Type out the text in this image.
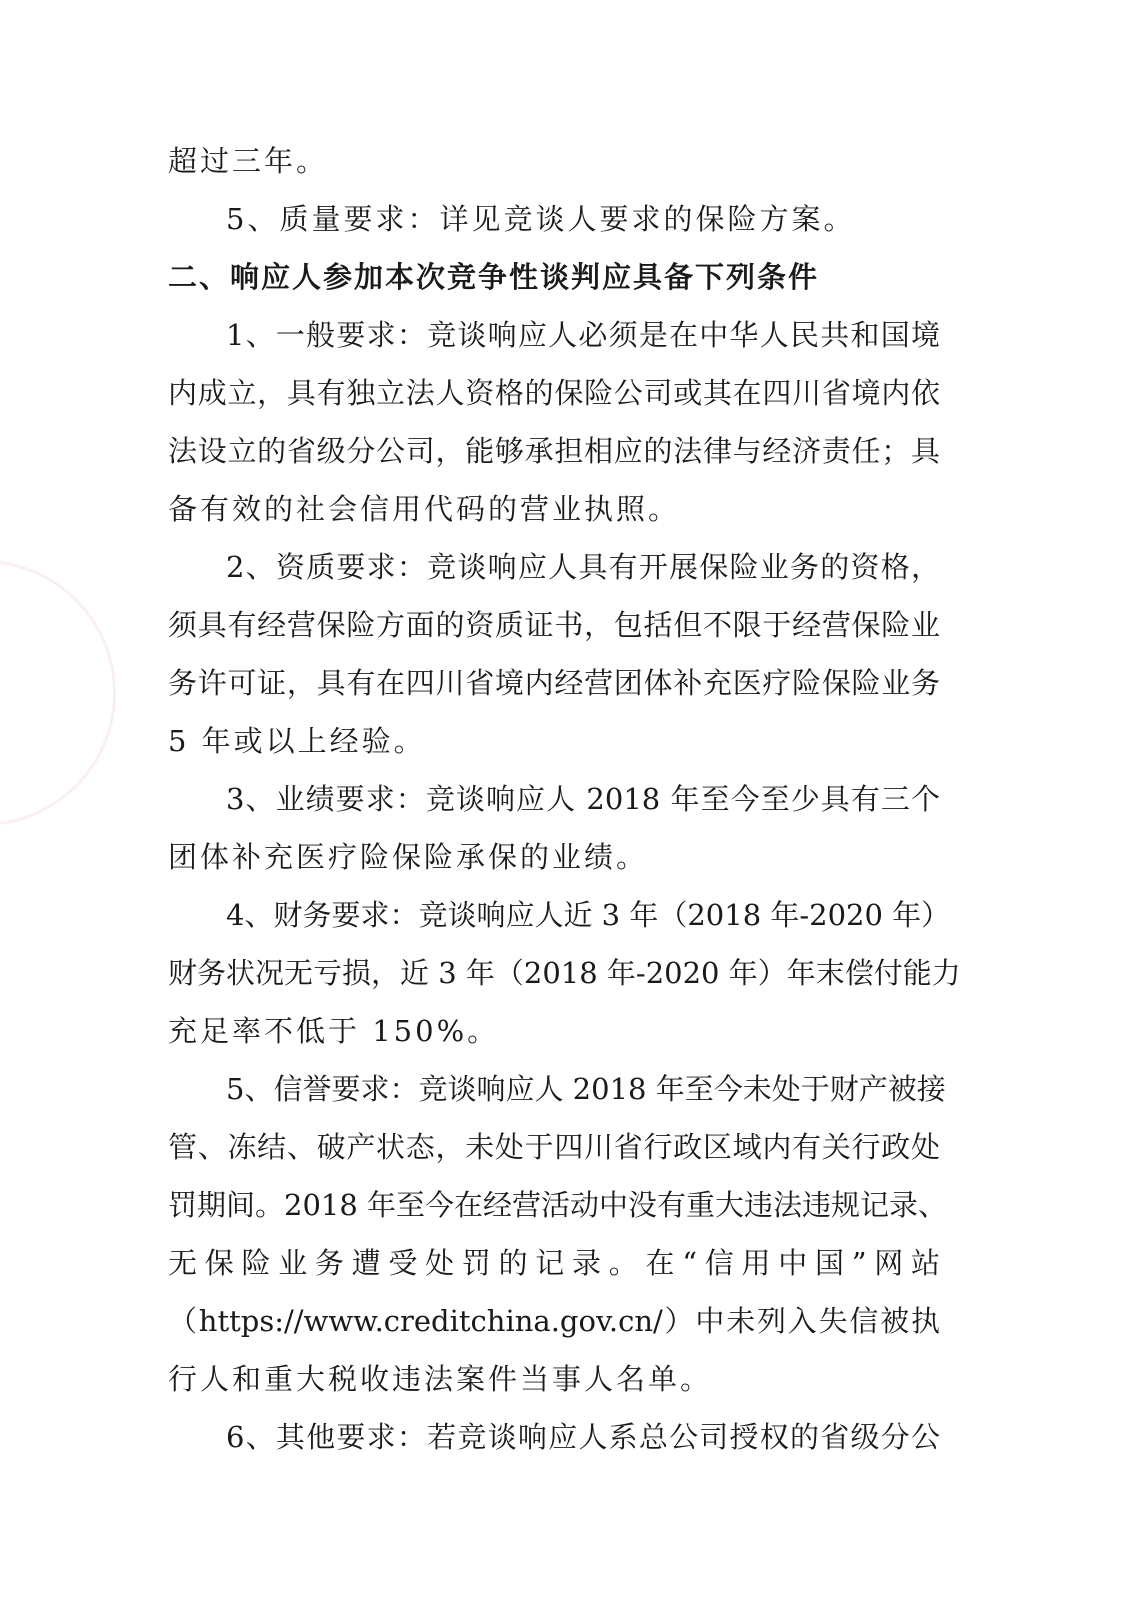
超过三年。
5、质量要求：详见竞谈人要求的保险方案。
二、响应人参加本次竞争性谈判应具备下列条件
1、一般要求：竞谈响应人必须是在中华人民共和国境
内成立，具有独立法人资格的保险公司或其在四川省境内依
法设立的省级分公司，能够承担相应的法律与经济责任；具
备有效的社会信用代码的营业执照。
2、资质要求：竞谈响应人具有开展保险业务的资格，
须具有经营保险方面的资质证书，包括但不限于经营保险业
务许可证，具有在四川省境内经营团体补充医疗险保险业务
5 年或以上经验。
3、业绩要求：竞谈响应人 2018 年至今至少具有三个
团体补充医疗险保险承保的业绩。
4、财务要求：竞谈响应人近 3 年（2018 年-2020 年）
财务状况无亏损，近 3 年（2018 年-2020 年）年末偿付能力
充足率不低于 150%。
5、信誉要求：竞谈响应人 2018 年至今未处于财产被接
管、冻结、破产状态，未处于四川省行政区域内有关行政处
罚期间。2018 年至今在经营活动中没有重大违法违规记录、
无保险业务遭受处罚的记录。在“信用中国”网站
（https://www.creditchina.gov.cn/）中未列入失信被执
行人和重大税收违法案件当事人名单。
6、其他要求：若竞谈响应人系总公司授权的省级分公
